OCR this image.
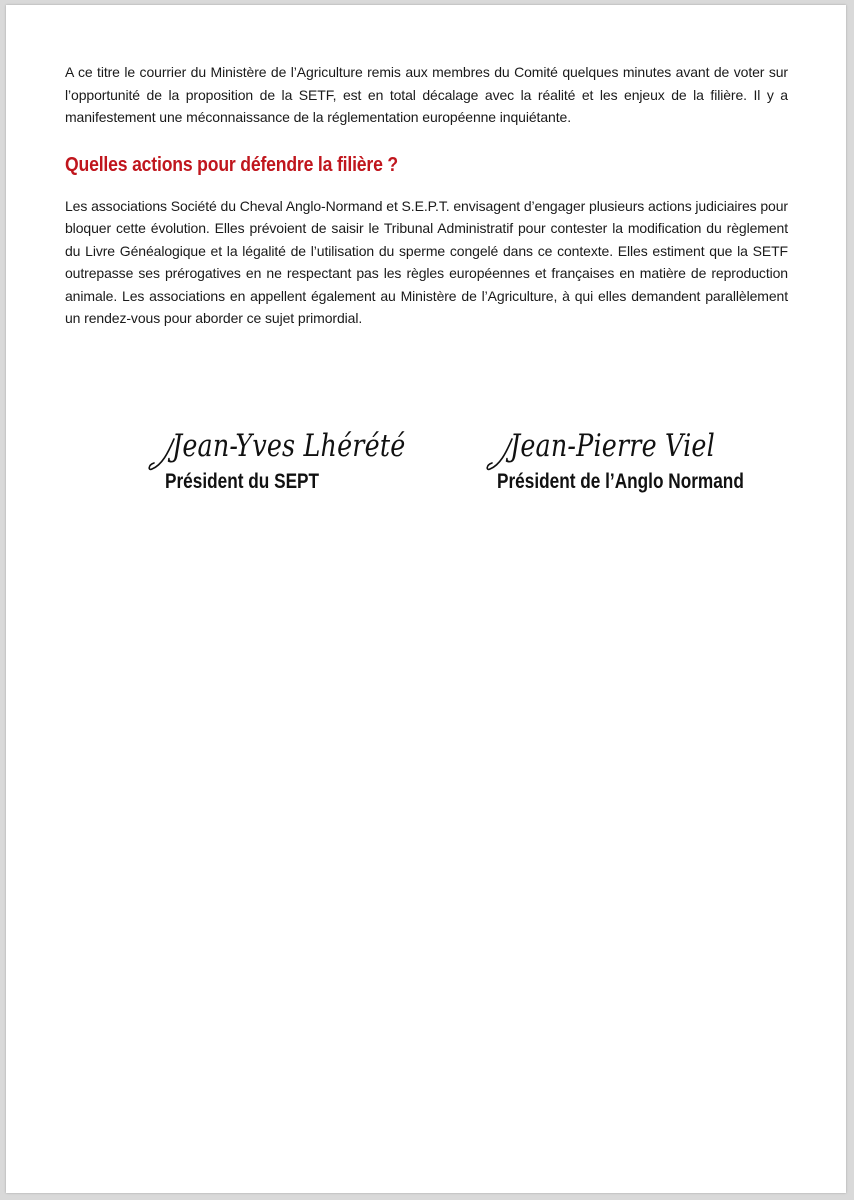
A ce titre le courrier du Ministère de l’Agriculture remis aux membres du Comité quelques minutes avant de voter sur l’opportunité de la proposition de la SETF, est en total décalage avec la réalité et les enjeux de la filière. Il y a manifestement une méconnaissance de la réglementation européenne inquiétante.

Quelles actions pour défendre la filière ?

Les associations Société du Cheval Anglo-Normand et S.E.P.T. envisagent d’engager plusieurs actions judiciaires pour bloquer cette évolution. Elles prévoient de saisir le Tribunal Administratif pour contester la modification du règlement du Livre Généalogique et la légalité de l’utilisation du sperme congelé dans ce contexte. Elles estiment que la SETF outrepasse ses prérogatives en ne respectant pas les règles européennes et françaises en matière de reproduction animale. Les associations en appellent également au Ministère de l’Agriculture, à qui elles demandent parallèlement un rendez-vous pour aborder ce sujet primordial.

Jean-Yves Lhérété
Président du SEPT
Jean-Pierre Viel
Président de l’Anglo Normand
